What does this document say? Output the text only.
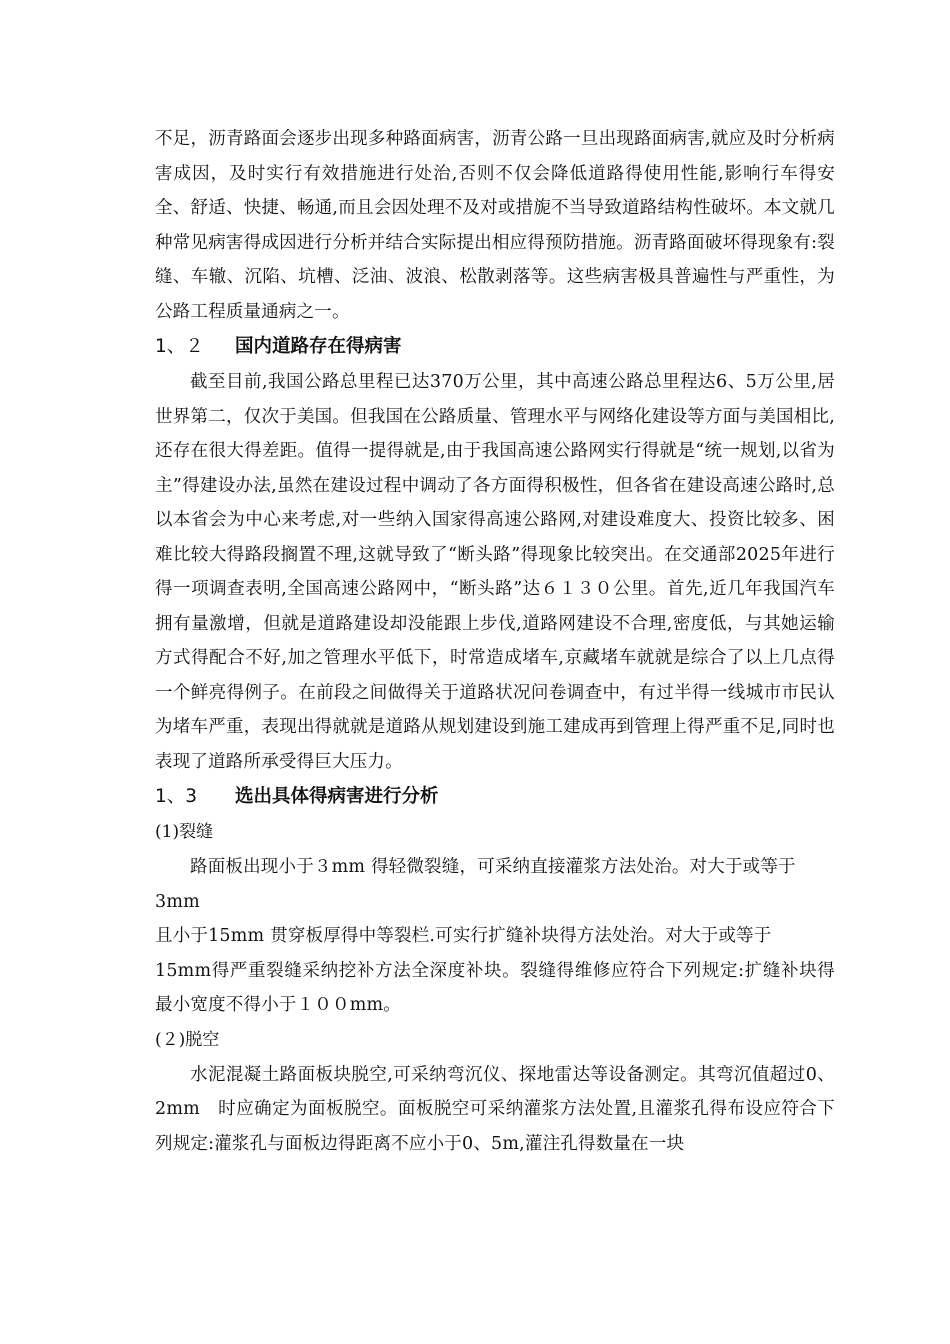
不足，沥青路面会逐步出现多种路面病害，沥青公路一旦出现路面病害,就应及时分析病害成因，及时实行有效措施进行处治,否则不仅会降低道路得使用性能,影响行车得安全、舒适、快捷、畅通,而且会因处理不及对或措旎不当导致道路结构性破坏。本文就几种常见病害得成因进行分析并结合实际提出相应得预防措施。沥青路面破坏得现象有:裂缝、车辙、沉陷、坑槽、泛油、波浪、松散剥落等。这些病害极具普遍性与严重性，为公路工程质量通病之一。

1、２ 国内道路存在得病害

截至目前,我国公路总里程已达370万公里，其中高速公路总里程达6、5万公里,居世界第二，仅次于美国。但我国在公路质量、管理水平与网络化建设等方面与美国相比,还存在很大得差距。值得一提得就是,由于我国高速公路网实行得就是“统一规划,以省为主”得建设办法,虽然在建设过程中调动了各方面得积极性，但各省在建设高速公路时,总以本省会为中心来考虑,对一些纳入国家得高速公路网,对建设难度大、投资比较多、困难比较大得路段搁置不理,这就导致了“断头路”得现象比较突出。在交通部2025年进行得一项调查表明,全国高速公路网中，“断头路”达６１３０公里。首先,近几年我国汽车拥有量激增，但就是道路建设却没能跟上步伐,道路网建设不合理,密度低，与其她运输方式得配合不好,加之管理水平低下，时常造成堵车,京藏堵车就就是综合了以上几点得一个鲜亮得例子。在前段之间做得关于道路状况问卷调查中，有过半得一线城市市民认为堵车严重，表现出得就就是道路从规划建设到施工建成再到管理上得严重不足,同时也表现了道路所承受得巨大压力。

1、3 选出具体得病害进行分析

(1)裂缝

路面板出现小于３mm 得轻微裂缝，可采纳直接灌浆方法处治。对大于或等于
3mm
且小于15mm 贯穿板厚得中等裂栏.可实行扩缝补块得方法处治。对大于或等于
15mm得严重裂缝采纳挖补方法全深度补块。裂缝得维修应符合下列规定:扩缝补块得最小宽度不得小于１００mm。

(２)脱空

水泥混凝土路面板块脱空,可采纳弯沉仪、探地雷达等设备测定。其弯沉值超过0、2mm　时应确定为面板脱空。面板脱空可采纳灌浆方法处置,且灌浆孔得布设应符合下列规定:灌浆孔与面板边得距离不应小于0、5m,灌注孔得数量在一块
